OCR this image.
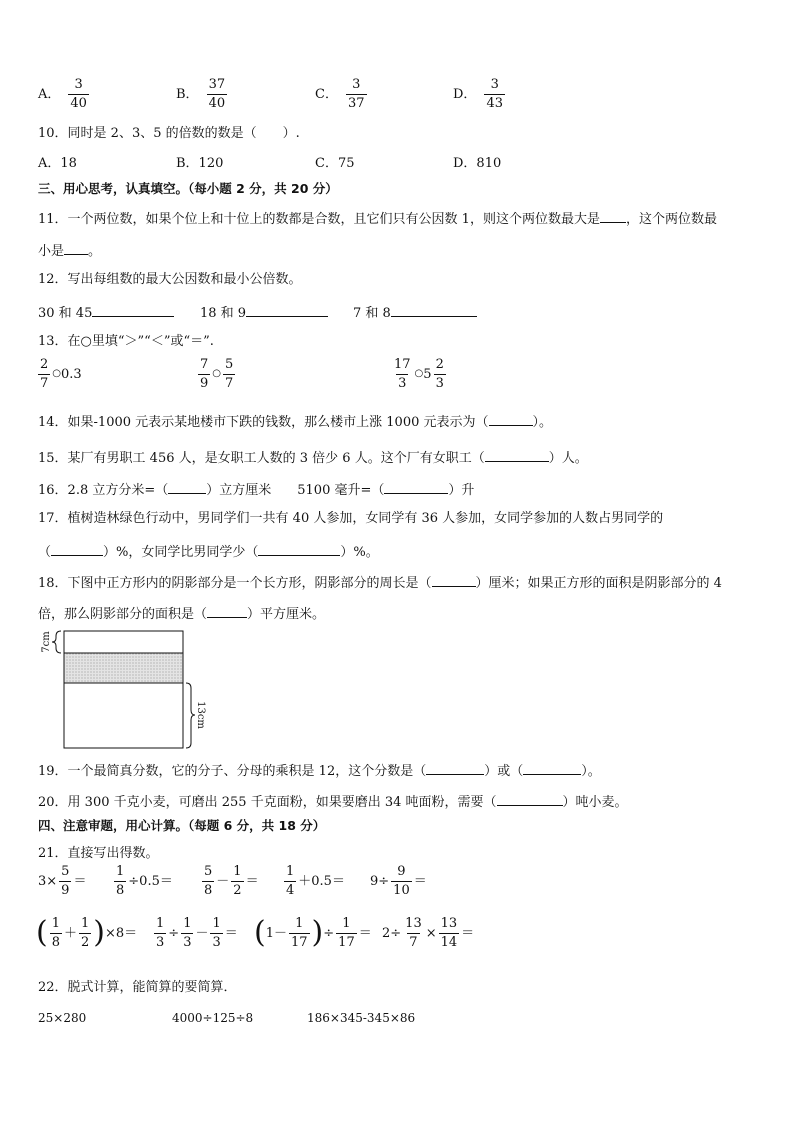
A． $\frac{3}{40}$	B． $\frac{37}{40}$	C． $\frac{3}{37}$	D． $\frac{3}{43}$
10．同时是 2、3、5 的倍数的数是（　　）.
A．18	B．120	C．75	D．810
三、用心思考，认真填空。（每小题 2 分，共 20 分）
11．一个两位数，如果个位上和十位上的数都是合数，且它们只有公因数 1，则这个两位数最大是 ，这个两位数最
小是 。
12．写出每组数的最大公因数和最小公倍数。
30 和 45	18 和 9	7 和 8
13．在○里填“＞”“＜”或“＝”.
$\frac{2}{7}$ ○ 0.3	$\frac{7}{9}$ ○ $\frac{5}{7}$	$\frac{17}{3}$ ○ $5 \frac{2}{3}$
14．如果-1000 元表示某地楼市下跌的钱数，那么楼市上涨 1000 元表示为（	）。
15．某厂有男职工 456 人，是女职工人数的 3 倍少 6 人。这个厂有女职工（	）人。
16．2.8 立方分米=（	）立方厘米　　5100 毫升=（	）升
17．植树造林绿色行动中，男同学们一共有 40 人参加，女同学有 36 人参加，女同学参加的人数占男同学的
（	）%，女同学比男同学少（	）%。
18．下图中正方形内的阴影部分是一个长方形，阴影部分的周长是（	）厘米；如果正方形的面积是阴影部分的 4
倍，那么阴影部分的面积是（	）平方厘米。
7cm
13cm
19．一个最简真分数，它的分子、分母的乘积是 12，这个分数是（	）或（	）。
20．用 300 千克小麦，可磨出 255 千克面粉，如果要磨出 34 吨面粉，需要（	）吨小麦。
四、注意审题，用心计算。（每题 6 分，共 18 分）
21．直接写出得数。
$3\times \frac{5}{9} = \frac{1}{8} \div 0.5= \frac{5}{8} - \frac{1}{2} = \frac{1}{4} +0.5= 9\div \frac{9}{10}$ ＝
( $\frac{1}{8} + \frac{1}{2}$ ) $\times 8= \frac{1}{3} \div \frac{1}{3} - \frac{1}{3}$ ＝ ( $1- \frac{1}{17}$ ) ÷ $\frac{1}{17} = 2\div \frac{13}{7} \times \frac{13}{14}$ ＝
22．脱式计算，能简算的要简算．
25×280	4000÷125÷8	186×345-345×86
